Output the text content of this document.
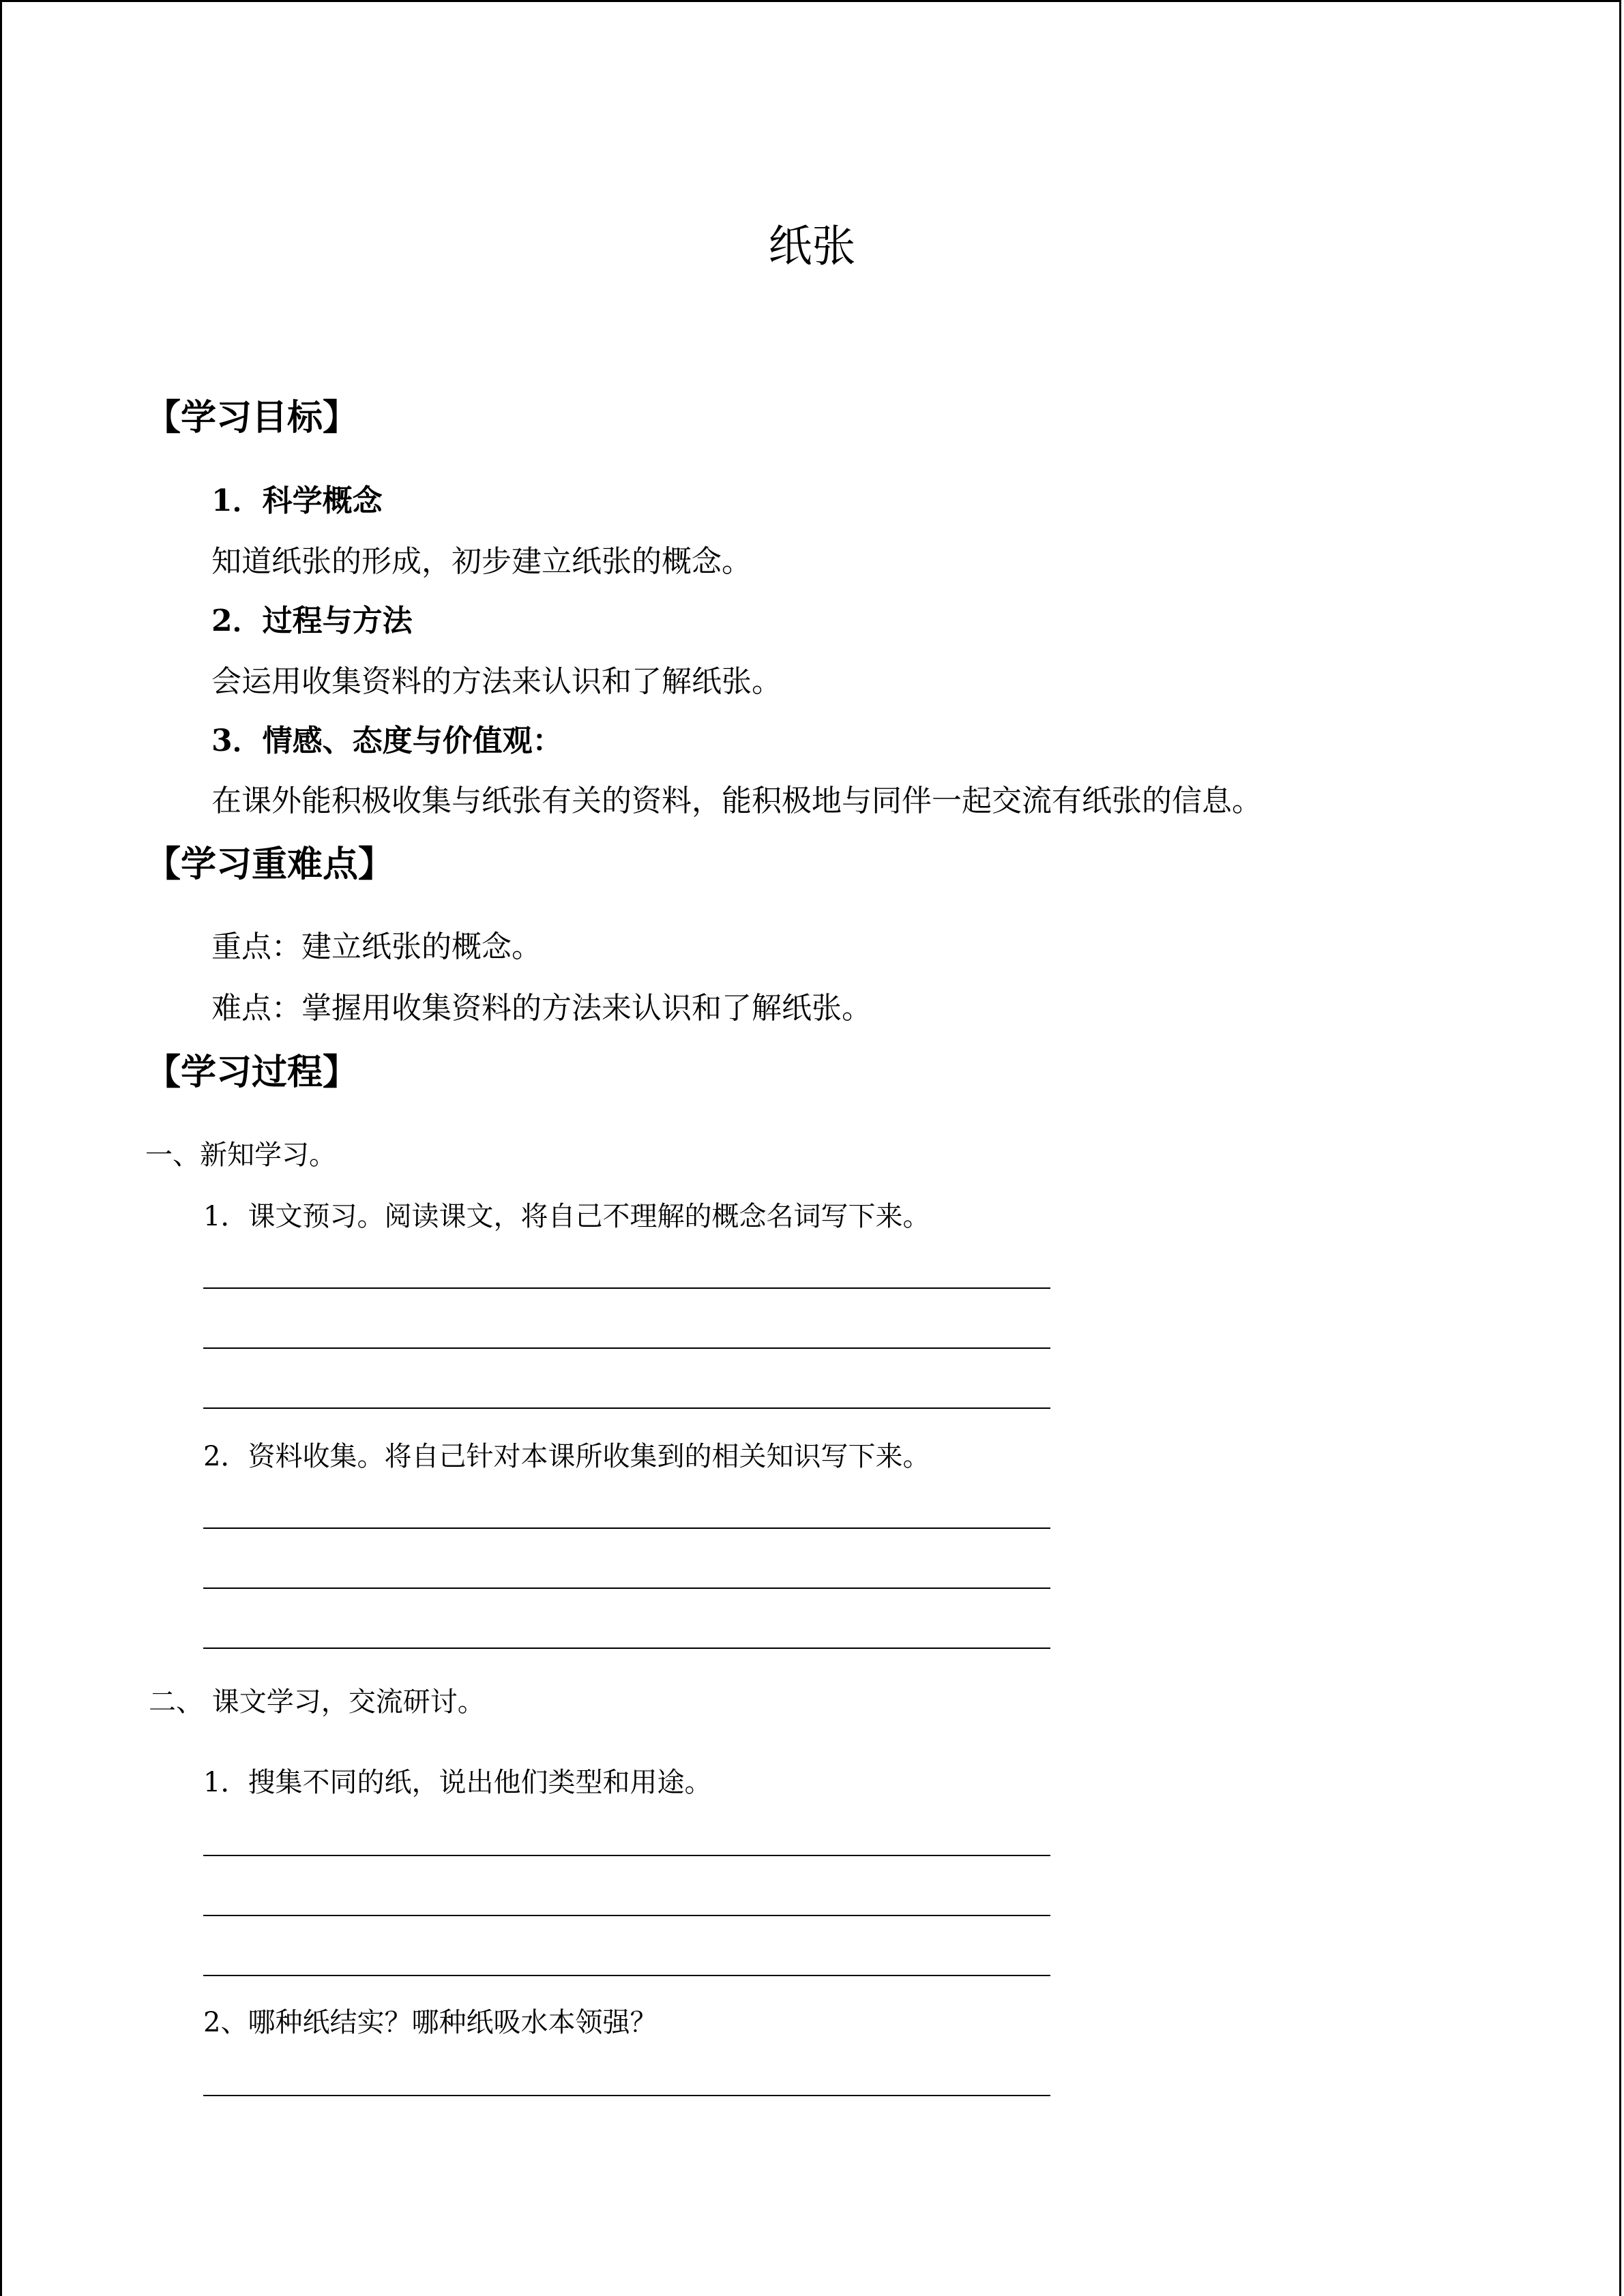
纸张
【学习目标】
1．科学概念
知道纸张的形成，初步建立纸张的概念。
2．过程与方法
会运用收集资料的方法来认识和了解纸张。
3．情感、态度与价值观：
在课外能积极收集与纸张有关的资料，能积极地与同伴一起交流有纸张的信息。
【学习重难点】
重点：建立纸张的概念。
难点：掌握用收集资料的方法来认识和了解纸张。
【学习过程】
一、新知学习。
1．课文预习。阅读课文，将自己不理解的概念名词写下来。
2．资料收集。将自己针对本课所收集到的相关知识写下来。
二、 课文学习，交流研讨。
1．搜集不同的纸，说出他们类型和用途。
2、哪种纸结实？哪种纸吸水本领强？
